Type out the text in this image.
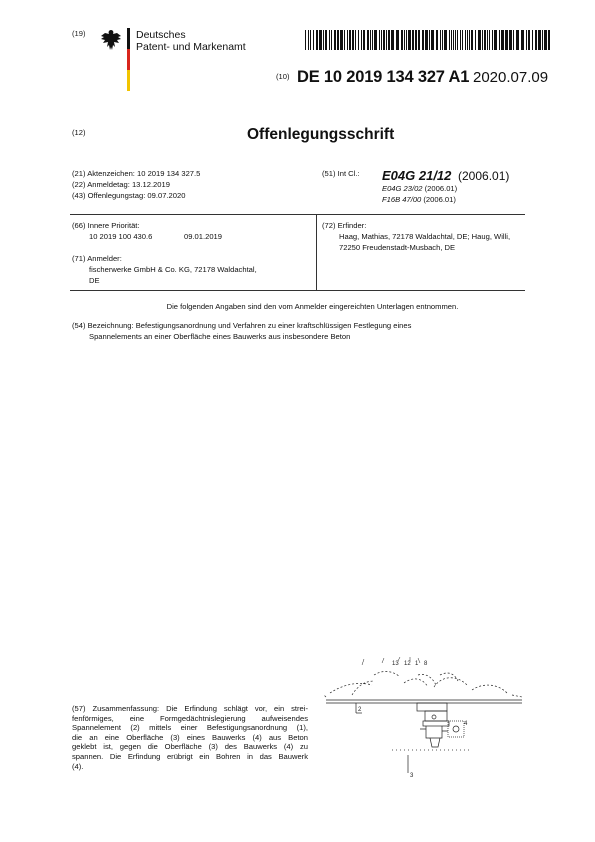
(19)	Deutsches
Patent- und Markenamt
(10) DE 10 2019 134 327 A1 2020.07.09
(12)	Offenlegungsschrift
(21) Aktenzeichen: 10 2019 134 327.5
(22) Anmeldetag: 13.12.2019
(43) Offenlegungstag: 09.07.2020
(51) Int Cl.: E04G 21/12 (2006.01)
E04G 23/02 (2006.01)
F16B 47/00 (2006.01)
(66) Innere Priorität:
10 2019 100 430.6	09.01.2019
(71) Anmelder:
fischerwerke GmbH & Co. KG, 72178 Waldachtal,
DE
(72) Erfinder:
Haag, Mathias, 72178 Waldachtal, DE; Haug, Willi,
72250 Freudenstadt-Musbach, DE
Die folgenden Angaben sind den vom Anmelder eingereichten Unterlagen entnommen.
(54) Bezeichnung: Befestigungsanordnung und Verfahren zu einer kraftschlüssigen Festlegung eines
Spannelements an einer Oberfläche eines Bauwerks aus insbesondere Beton
(57) Zusammenfassung: Die Erfindung schlägt vor, ein strei-
fenförmiges, eine Formgedächtnislegierung aufweisendes
Spannelement (2) mittels einer Befestigungsanordnung (1),
die an eine Oberfläche (3) eines Bauwerks (4) aus Beton
geklebt ist, gegen die Oberfläche (3) des Bauwerks (4) zu
spannen. Die Erfindung erübrigt ein Bohren in das Bauwerk
(4).
13 12 1 8
2
4
3
